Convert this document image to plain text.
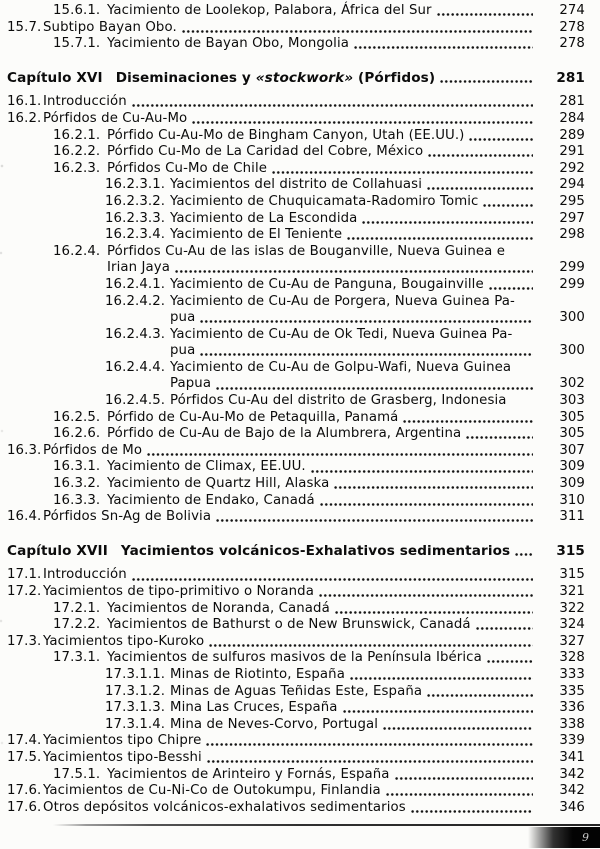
15.6.1. Yacimiento de Loolekop, Palabora, África del Sur	274
15.7. Subtipo Bayan Obo.	278
15.7.1. Yacimiento de Bayan Obo, Mongolia	278
Capítulo XVI Diseminaciones y «stockwork» (Pórfidos)	281
16.1. Introducción	281
16.2. Pórfidos de Cu-Au-Mo	284
16.2.1. Pórfido Cu-Au-Mo de Bingham Canyon, Utah (EE.UU.)	289
16.2.2. Pórfido Cu-Mo de La Caridad del Cobre, México	291
16.2.3. Pórfidos Cu-Mo de Chile	292
16.2.3.1. Yacimientos del distrito de Collahuasi	294
16.2.3.2. Yacimiento de Chuquicamata-Radomiro Tomic	295
16.2.3.3. Yacimiento de La Escondida	297
16.2.3.4. Yacimiento de El Teniente	298
16.2.4. Pórfidos Cu-Au de las islas de Bouganville, Nueva Guinea e
Irian Jaya	299
16.2.4.1. Yacimiento de Cu-Au de Panguna, Bougainville	299
16.2.4.2. Yacimiento de Cu-Au de Porgera, Nueva Guinea Pa-
pua	300
16.2.4.3. Yacimiento de Cu-Au de Ok Tedi, Nueva Guinea Pa-
pua	300
16.2.4.4. Yacimiento de Cu-Au de Golpu-Wafi, Nueva Guinea
Papua	302
16.2.4.5. Pórfidos Cu-Au del distrito de Grasberg, Indonesia	303
16.2.5. Pórfido de Cu-Au-Mo de Petaquilla, Panamá	305
16.2.6. Pórfido de Cu-Au de Bajo de la Alumbrera, Argentina	305
16.3. Pórfidos de Mo	307
16.3.1. Yacimiento de Climax, EE.UU.	309
16.3.2. Yacimiento de Quartz Hill, Alaska	309
16.3.3. Yacimiento de Endako, Canadá	310
16.4. Pórfidos Sn-Ag de Bolivia	311
Capítulo XVII Yacimientos volcánicos-Exhalativos sedimentarios	315
17.1. Introducción	315
17.2. Yacimientos de tipo-primitivo o Noranda	321
17.2.1. Yacimientos de Noranda, Canadá	322
17.2.2. Yacimientos de Bathurst o de New Brunswick, Canadá	324
17.3. Yacimientos tipo-Kuroko	327
17.3.1. Yacimientos de sulfuros masivos de la Península Ibérica	328
17.3.1.1. Minas de Riotinto, España	333
17.3.1.2. Minas de Aguas Teñidas Este, España	335
17.3.1.3. Mina Las Cruces, España	336
17.3.1.4. Mina de Neves-Corvo, Portugal	338
17.4. Yacimientos tipo Chipre	339
17.5. Yacimientos tipo-Besshi	341
17.5.1. Yacimientos de Arinteiro y Fornás, España	342
17.6. Yacimientos de Cu-Ni-Co de Outokumpu, Finlandia	342
17.6. Otros depósitos volcánicos-exhalativos sedimentarios	346
9
